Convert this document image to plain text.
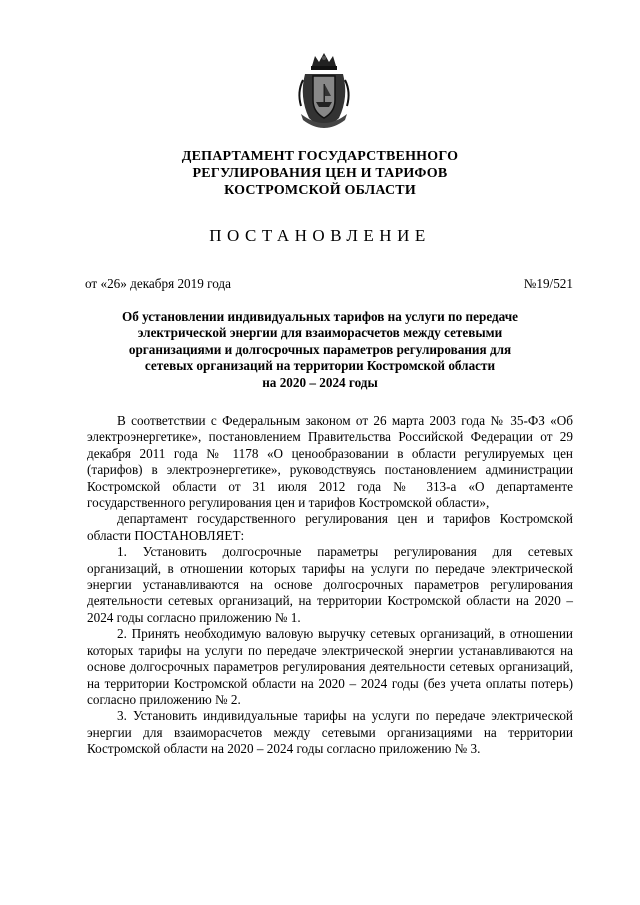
ДЕПАРТАМЕНТ ГОСУДАРСТВЕННОГО
РЕГУЛИРОВАНИЯ ЦЕН И ТАРИФОВ
КОСТРОМСКОЙ ОБЛАСТИ
ПОСТАНОВЛЕНИЕ
от «26» декабря 2019 года	№19/521
Об установлении индивидуальных тарифов на услуги по передаче
электрической энергии для взаиморасчетов между сетевыми
организациями и долгосрочных параметров регулирования для
сетевых организаций на территории Костромской области
на 2020 – 2024 годы
В соответствии с Федеральным законом от 26 марта 2003 года № 35-ФЗ «Об электроэнергетике», постановлением Правительства Российской Федерации от 29 декабря 2011 года № 1178 «О ценообразовании в области регулируемых цен (тарифов) в электроэнергетике», руководствуясь постановлением администрации Костромской области от 31 июля 2012 года № 313-а «О департаменте государственного регулирования цен и тарифов Костромской области»,
департамент государственного регулирования цен и тарифов Костромской области ПОСТАНОВЛЯЕТ:
1. Установить долгосрочные параметры регулирования для сетевых организаций, в отношении которых тарифы на услуги по передаче электрической энергии устанавливаются на основе долгосрочных параметров регулирования деятельности сетевых организаций, на территории Костромской области на 2020 – 2024 годы согласно приложению № 1.
2. Принять необходимую валовую выручку сетевых организаций, в отношении которых тарифы на услуги по передаче электрической энергии устанавливаются на основе долгосрочных параметров регулирования деятельности сетевых организаций, на территории Костромской области на 2020 – 2024 годы (без учета оплаты потерь) согласно приложению № 2.
3. Установить индивидуальные тарифы на услуги по передаче электрической энергии для взаиморасчетов между сетевыми организациями на территории Костромской области на 2020 – 2024 годы согласно приложению № 3.
